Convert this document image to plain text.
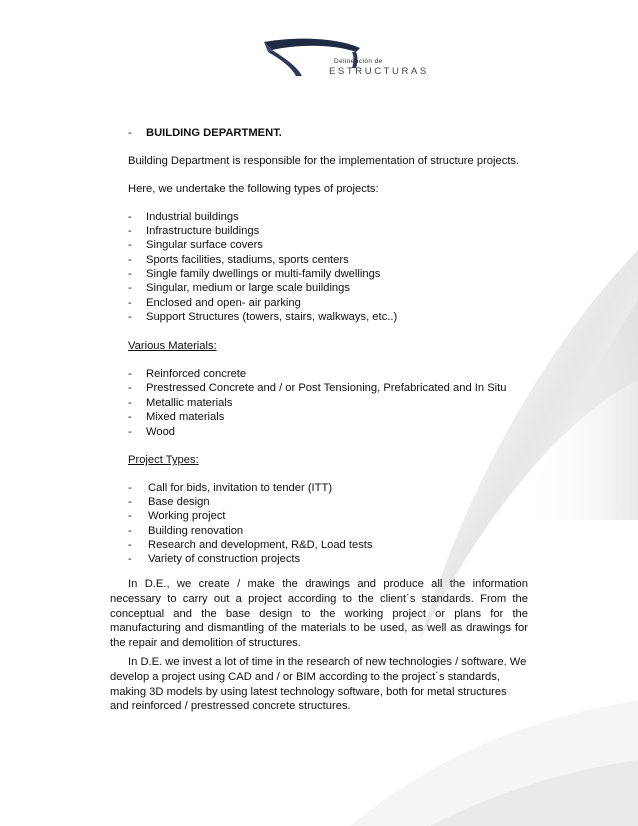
Delineación de
ESTRUCTURAS
- BUILDING DEPARTMENT.
Building Department is responsible for the implementation of structure projects.
Here, we undertake the following types of projects:
- Industrial buildings
- Infrastructure buildings
- Singular surface covers
- Sports facilities, stadiums, sports centers
- Single family dwellings or multi-family dwellings
- Singular, medium or large scale buildings
- Enclosed and open- air parking
- Support Structures (towers, stairs, walkways, etc..)
Various Materials:
- Reinforced concrete
- Prestressed Concrete and / or Post Tensioning, Prefabricated and In Situ
- Metallic materials
- Mixed materials
- Wood
Project Types:
- Call for bids, invitation to tender (ITT)
- Base design
- Working project
- Building renovation
- Research and development, R&D, Load tests
- Variety of construction projects

In D.E., we create / make the drawings and produce all the information necessary to carry out a project according to the client´s standards. From the conceptual and the base design to the working project or plans for the manufacturing and dismantling of the materials to be used, as well as drawings for the repair and demolition of structures.

In D.E. we invest a lot of time in the research of new technologies / software. We develop a project using CAD and / or BIM according to the project´s standards, making 3D models by using latest technology software, both for metal structures and reinforced / prestressed concrete structures.
